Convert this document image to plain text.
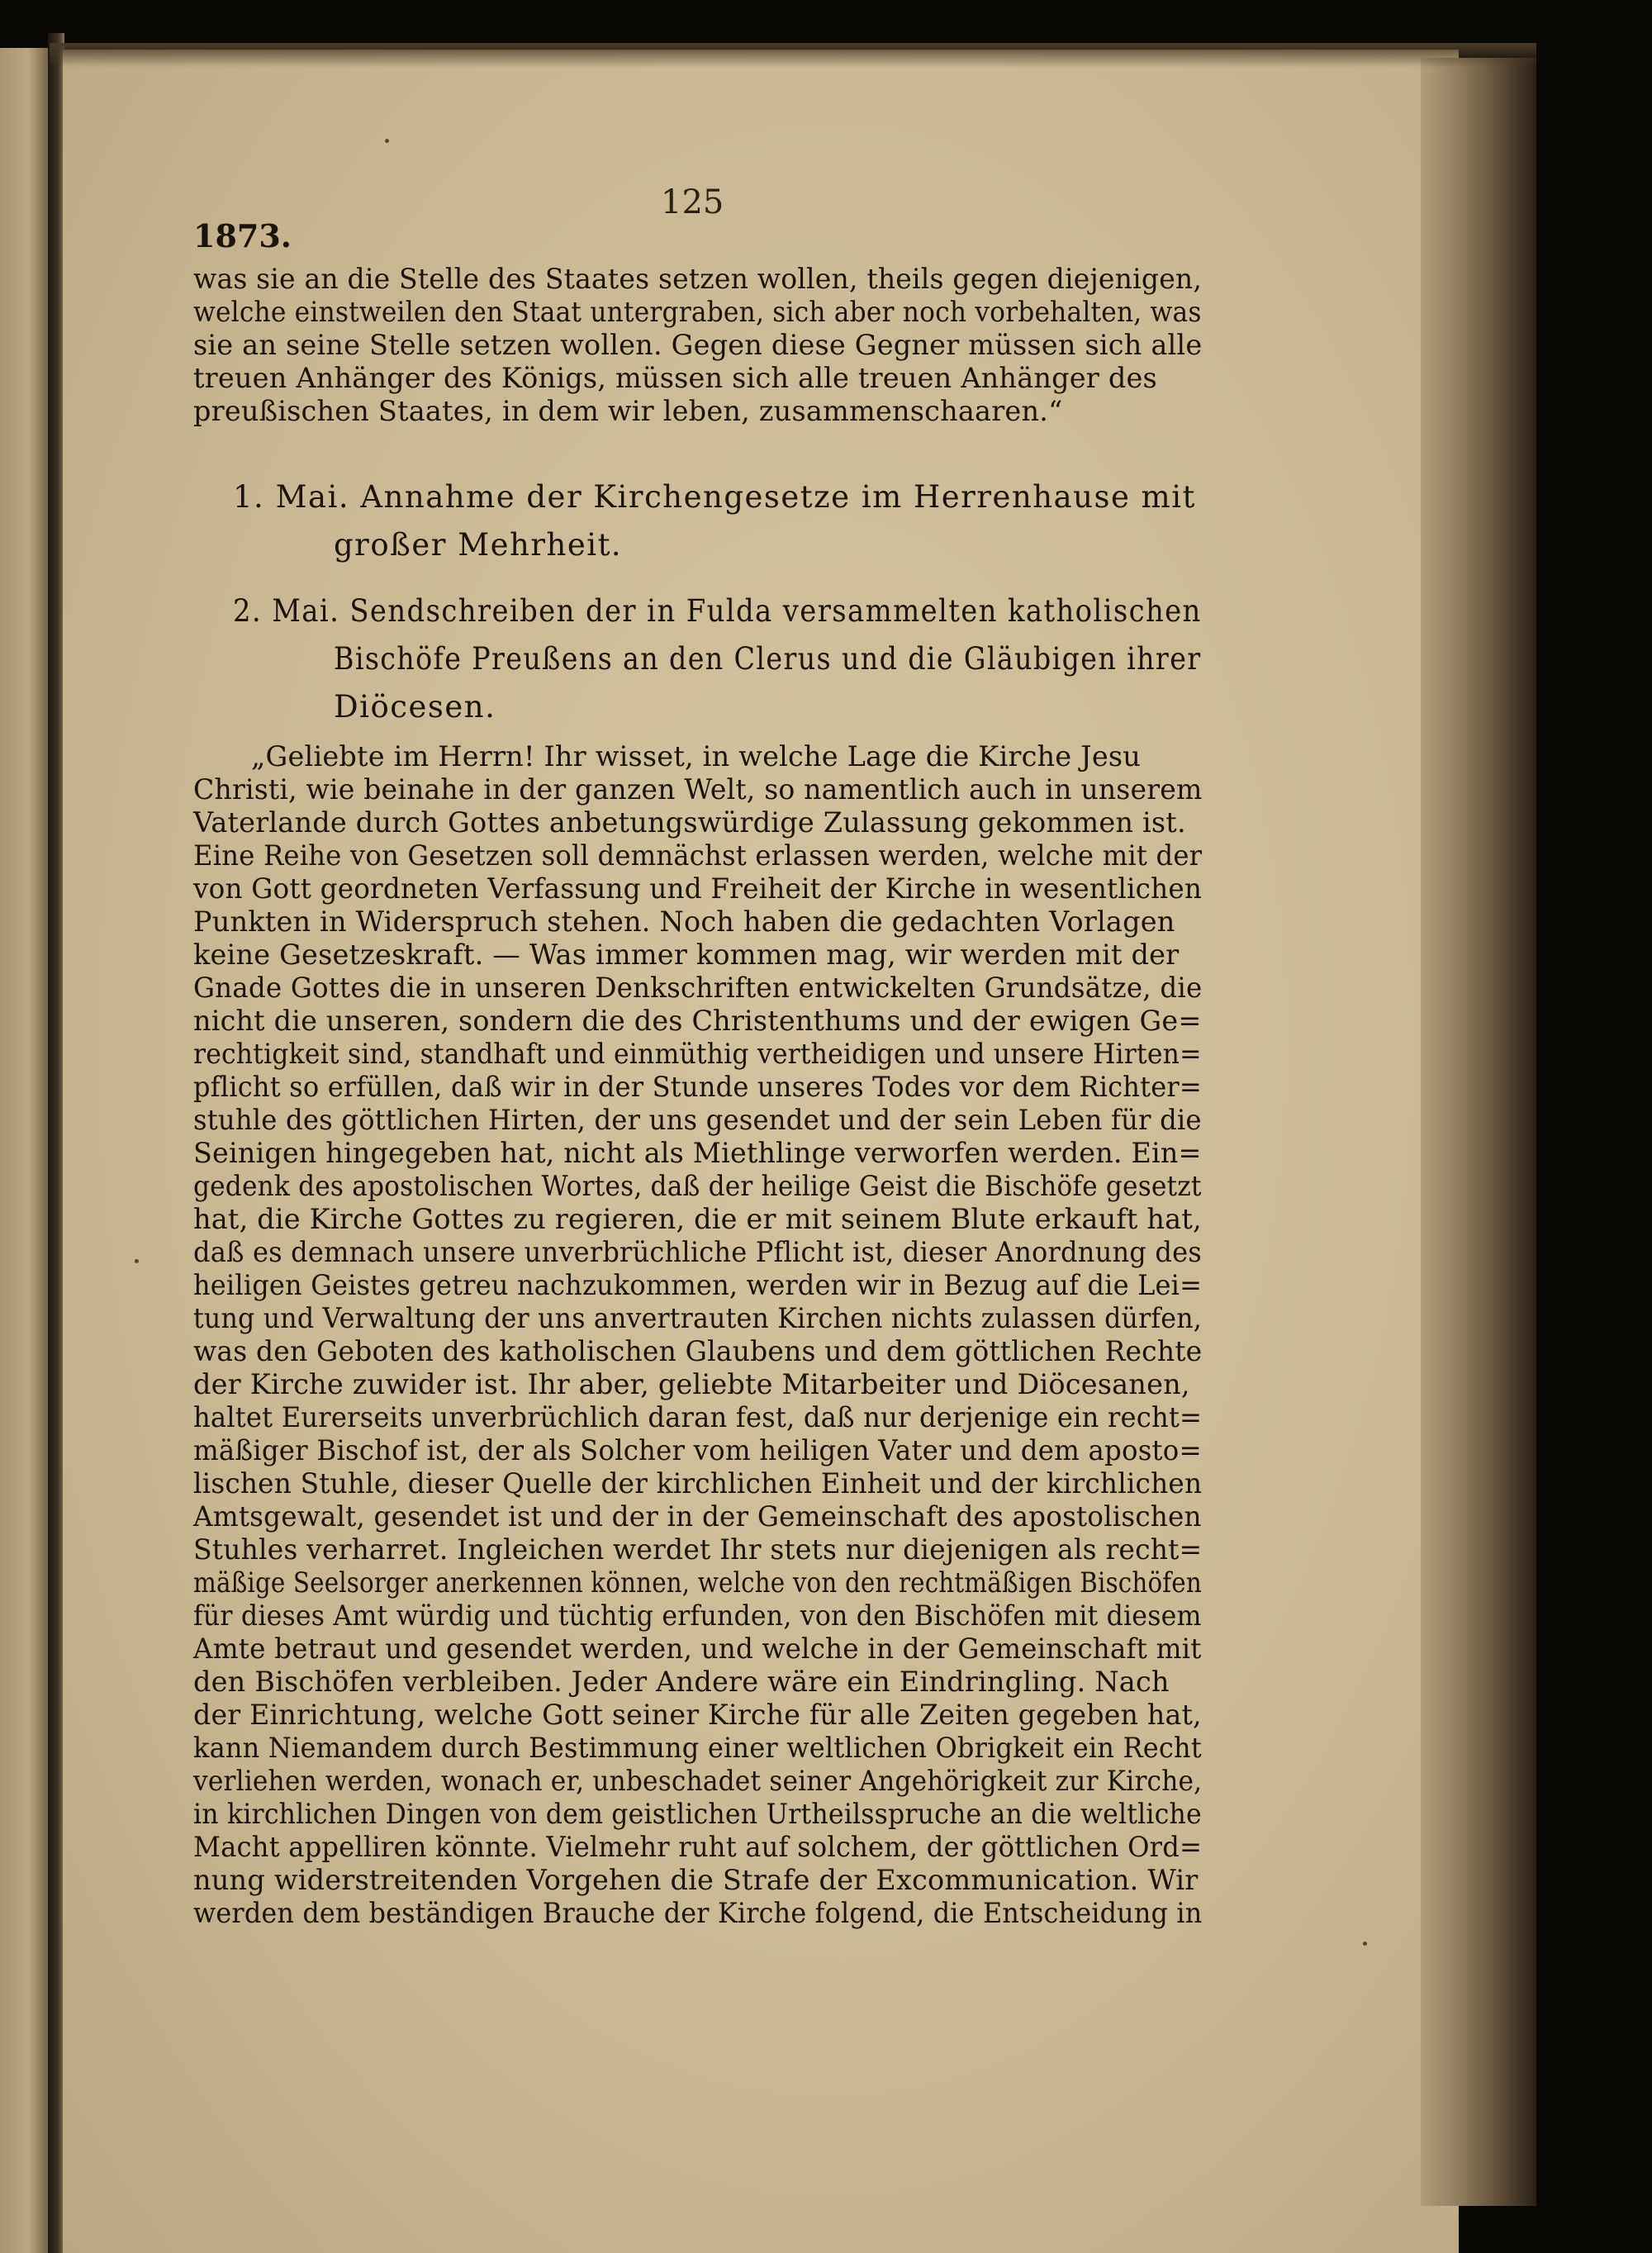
125
1873.
was sie an die Stelle des Staates setzen wollen, theils gegen diejenigen,
welche einstweilen den Staat untergraben, sich aber noch vorbehalten, was
sie an seine Stelle setzen wollen. Gegen diese Gegner müssen sich alle
treuen Anhänger des Königs, müssen sich alle treuen Anhänger des
preußischen Staates, in dem wir leben, zusammenschaaren.“
1. Mai. Annahme der Kirchengesetze im Herrenhause mit
großer Mehrheit.
2. Mai. Sendschreiben der in Fulda versammelten katholischen
Bischöfe Preußens an den Clerus und die Gläubigen ihrer
Diöcesen.
„Geliebte im Herrn! Ihr wisset, in welche Lage die Kirche Jesu
Christi, wie beinahe in der ganzen Welt, so namentlich auch in unserem
Vaterlande durch Gottes anbetungswürdige Zulassung gekommen ist.
Eine Reihe von Gesetzen soll demnächst erlassen werden, welche mit der
von Gott geordneten Verfassung und Freiheit der Kirche in wesentlichen
Punkten in Widerspruch stehen. Noch haben die gedachten Vorlagen
keine Gesetzeskraft. — Was immer kommen mag, wir werden mit der
Gnade Gottes die in unseren Denkschriften entwickelten Grundsätze, die
nicht die unseren, sondern die des Christenthums und der ewigen Ge=
rechtigkeit sind, standhaft und einmüthig vertheidigen und unsere Hirten=
pflicht so erfüllen, daß wir in der Stunde unseres Todes vor dem Richter=
stuhle des göttlichen Hirten, der uns gesendet und der sein Leben für die
Seinigen hingegeben hat, nicht als Miethlinge verworfen werden. Ein=
gedenk des apostolischen Wortes, daß der heilige Geist die Bischöfe gesetzt
hat, die Kirche Gottes zu regieren, die er mit seinem Blute erkauft hat,
daß es demnach unsere unverbrüchliche Pflicht ist, dieser Anordnung des
heiligen Geistes getreu nachzukommen, werden wir in Bezug auf die Lei=
tung und Verwaltung der uns anvertrauten Kirchen nichts zulassen dürfen,
was den Geboten des katholischen Glaubens und dem göttlichen Rechte
der Kirche zuwider ist. Ihr aber, geliebte Mitarbeiter und Diöcesanen,
haltet Eurerseits unverbrüchlich daran fest, daß nur derjenige ein recht=
mäßiger Bischof ist, der als Solcher vom heiligen Vater und dem aposto=
lischen Stuhle, dieser Quelle der kirchlichen Einheit und der kirchlichen
Amtsgewalt, gesendet ist und der in der Gemeinschaft des apostolischen
Stuhles verharret. Ingleichen werdet Ihr stets nur diejenigen als recht=
mäßige Seelsorger anerkennen können, welche von den rechtmäßigen Bischöfen
für dieses Amt würdig und tüchtig erfunden, von den Bischöfen mit diesem
Amte betraut und gesendet werden, und welche in der Gemeinschaft mit
den Bischöfen verbleiben. Jeder Andere wäre ein Eindringling. Nach
der Einrichtung, welche Gott seiner Kirche für alle Zeiten gegeben hat,
kann Niemandem durch Bestimmung einer weltlichen Obrigkeit ein Recht
verliehen werden, wonach er, unbeschadet seiner Angehörigkeit zur Kirche,
in kirchlichen Dingen von dem geistlichen Urtheilsspruche an die weltliche
Macht appelliren könnte. Vielmehr ruht auf solchem, der göttlichen Ord=
nung widerstreitenden Vorgehen die Strafe der Excommunication. Wir
werden dem beständigen Brauche der Kirche folgend, die Entscheidung in
